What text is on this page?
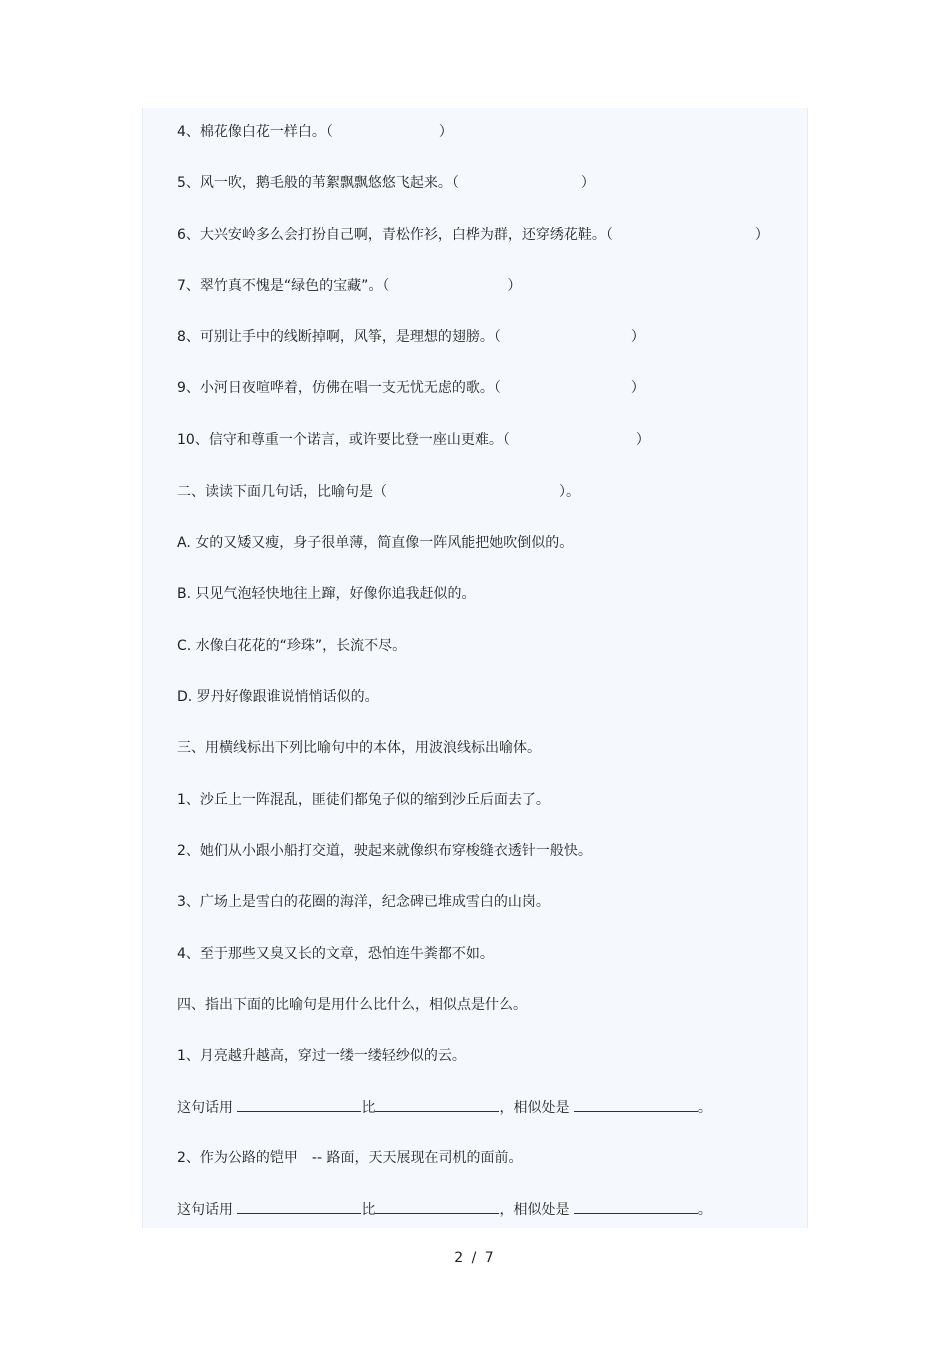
4、棉花像白花一样白。（	）
5、风一吹，鹅毛般的苇絮飘飘悠悠飞起来。（	）
6、大兴安岭多么会打扮自己啊，青松作衫，白桦为群，还穿绣花鞋。（	）
7、翠竹真不愧是“绿色的宝藏”。（	）
8、可别让手中的线断掉啊，风筝，是理想的翅膀。（	）
9、小河日夜喧哗着，仿佛在唱一支无忧无虑的歌。（	）
10、信守和尊重一个诺言，或许要比登一座山更难。（	）
二、读读下面几句话，比喻句是（	）。
A. 女的又矮又瘦，身子很单薄，简直像一阵风能把她吹倒似的。
B. 只见气泡轻快地往上蹿，好像你追我赶似的。
C. 水像白花花的“珍珠”，长流不尽。
D. 罗丹好像跟谁说悄悄话似的。
三、用横线标出下列比喻句中的本体，用波浪线标出喻体。
1、沙丘上一阵混乱，匪徒们都兔子似的缩到沙丘后面去了。
2、她们从小跟小船打交道，驶起来就像织布穿梭缝衣透针一般快。
3、广场上是雪白的花圈的海洋，纪念碑已堆成雪白的山岗。
4、至于那些又臭又长的文章，恐怕连牛粪都不如。
四、指出下面的比喻句是用什么比什么，相似点是什么。
1、月亮越升越高，穿过一缕一缕轻纱似的云。
这句话用	比	，相似处是	。
2、作为公路的铠甲　-- 路面，天天展现在司机的面前。
这句话用	比	，相似处是	。
2 / 7
